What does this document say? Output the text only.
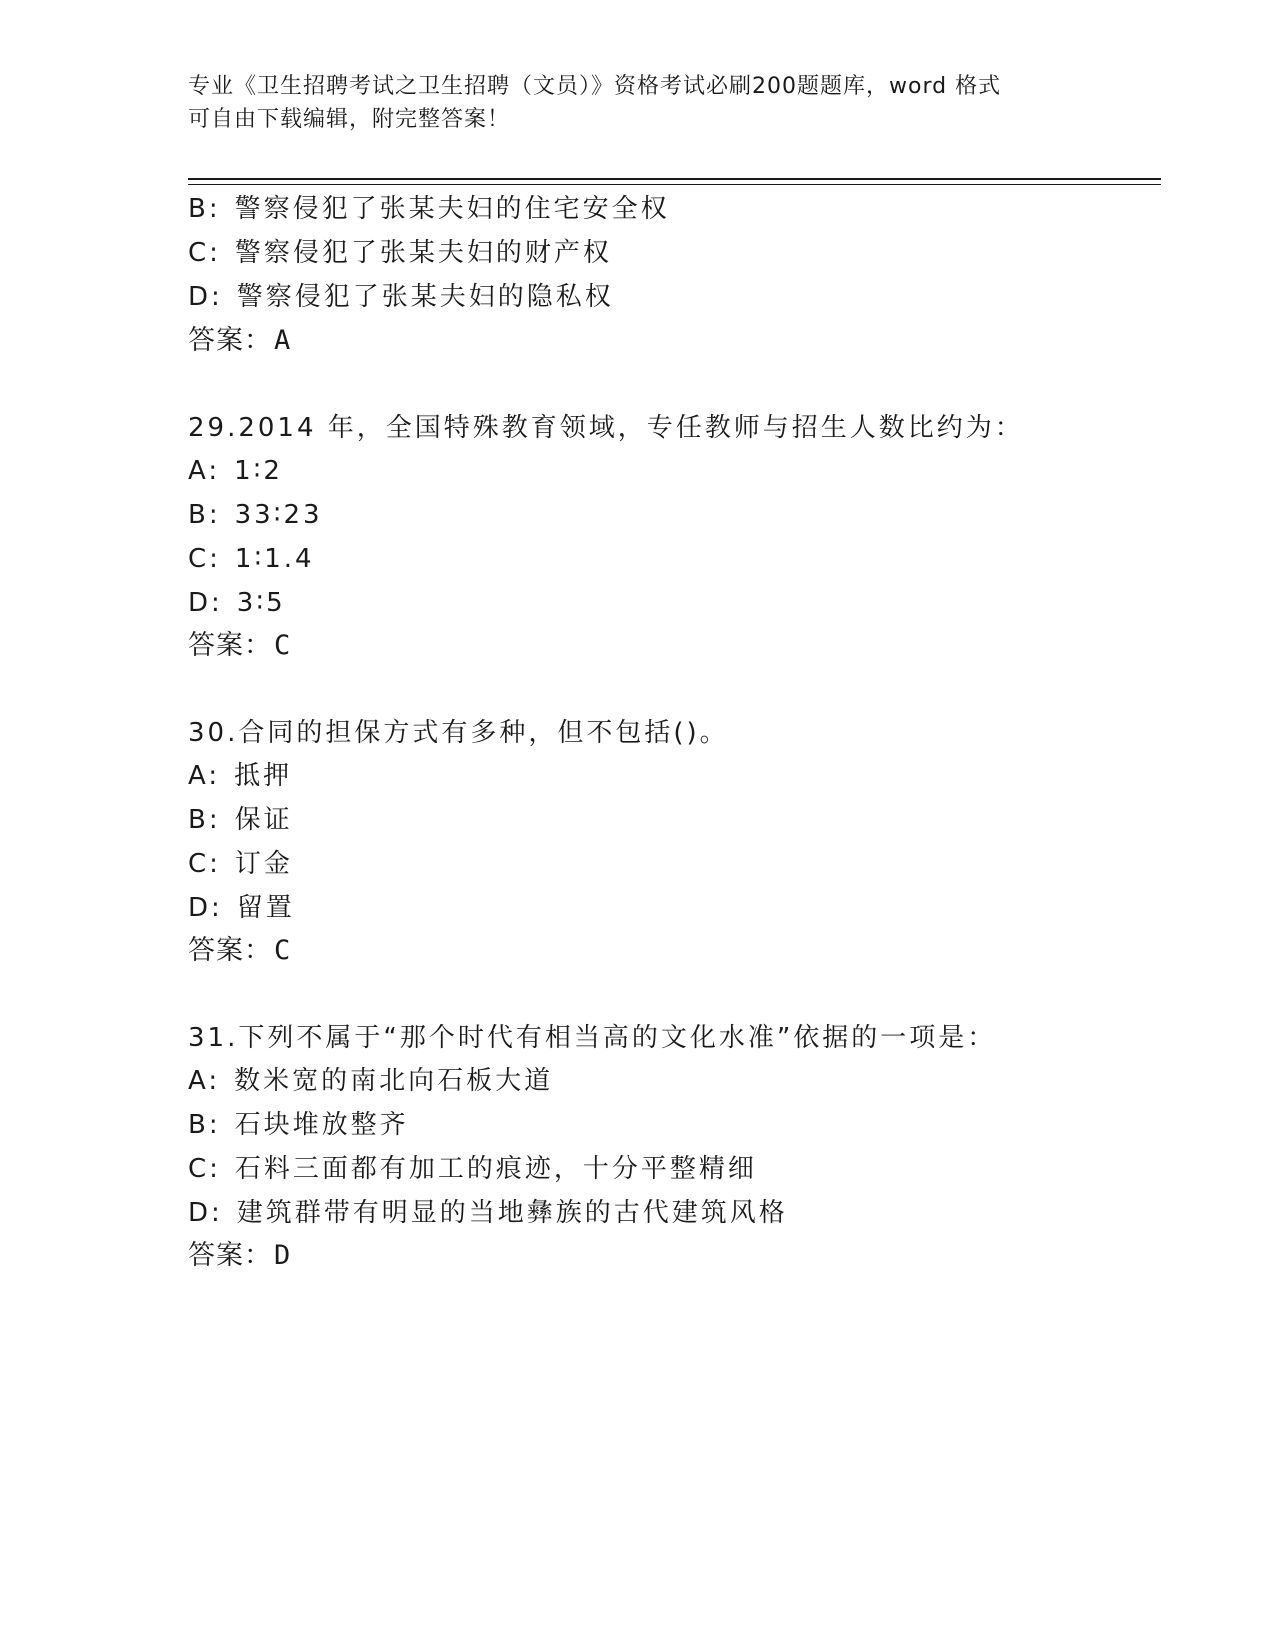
专业《卫生招聘考试之卫生招聘（文员）》资格考试必刷200题题库，word 格式
可自由下载编辑，附完整答案！
B: 警察侵犯了张某夫妇的住宅安全权
C: 警察侵犯了张某夫妇的财产权
D: 警察侵犯了张某夫妇的隐私权
答案：A
29.2014 年，全国特殊教育领域，专任教师与招生人数比约为：
A: 1∶2
B: 33∶23
C: 1∶1.4
D: 3∶5
答案：C
30.合同的担保方式有多种，但不包括()。
A: 抵押
B: 保证
C: 订金
D: 留置
答案：C
31.下列不属于“那个时代有相当高的文化水准”依据的一项是：
A: 数米宽的南北向石板大道
B: 石块堆放整齐
C: 石料三面都有加工的痕迹，十分平整精细
D: 建筑群带有明显的当地彝族的古代建筑风格
答案：D
